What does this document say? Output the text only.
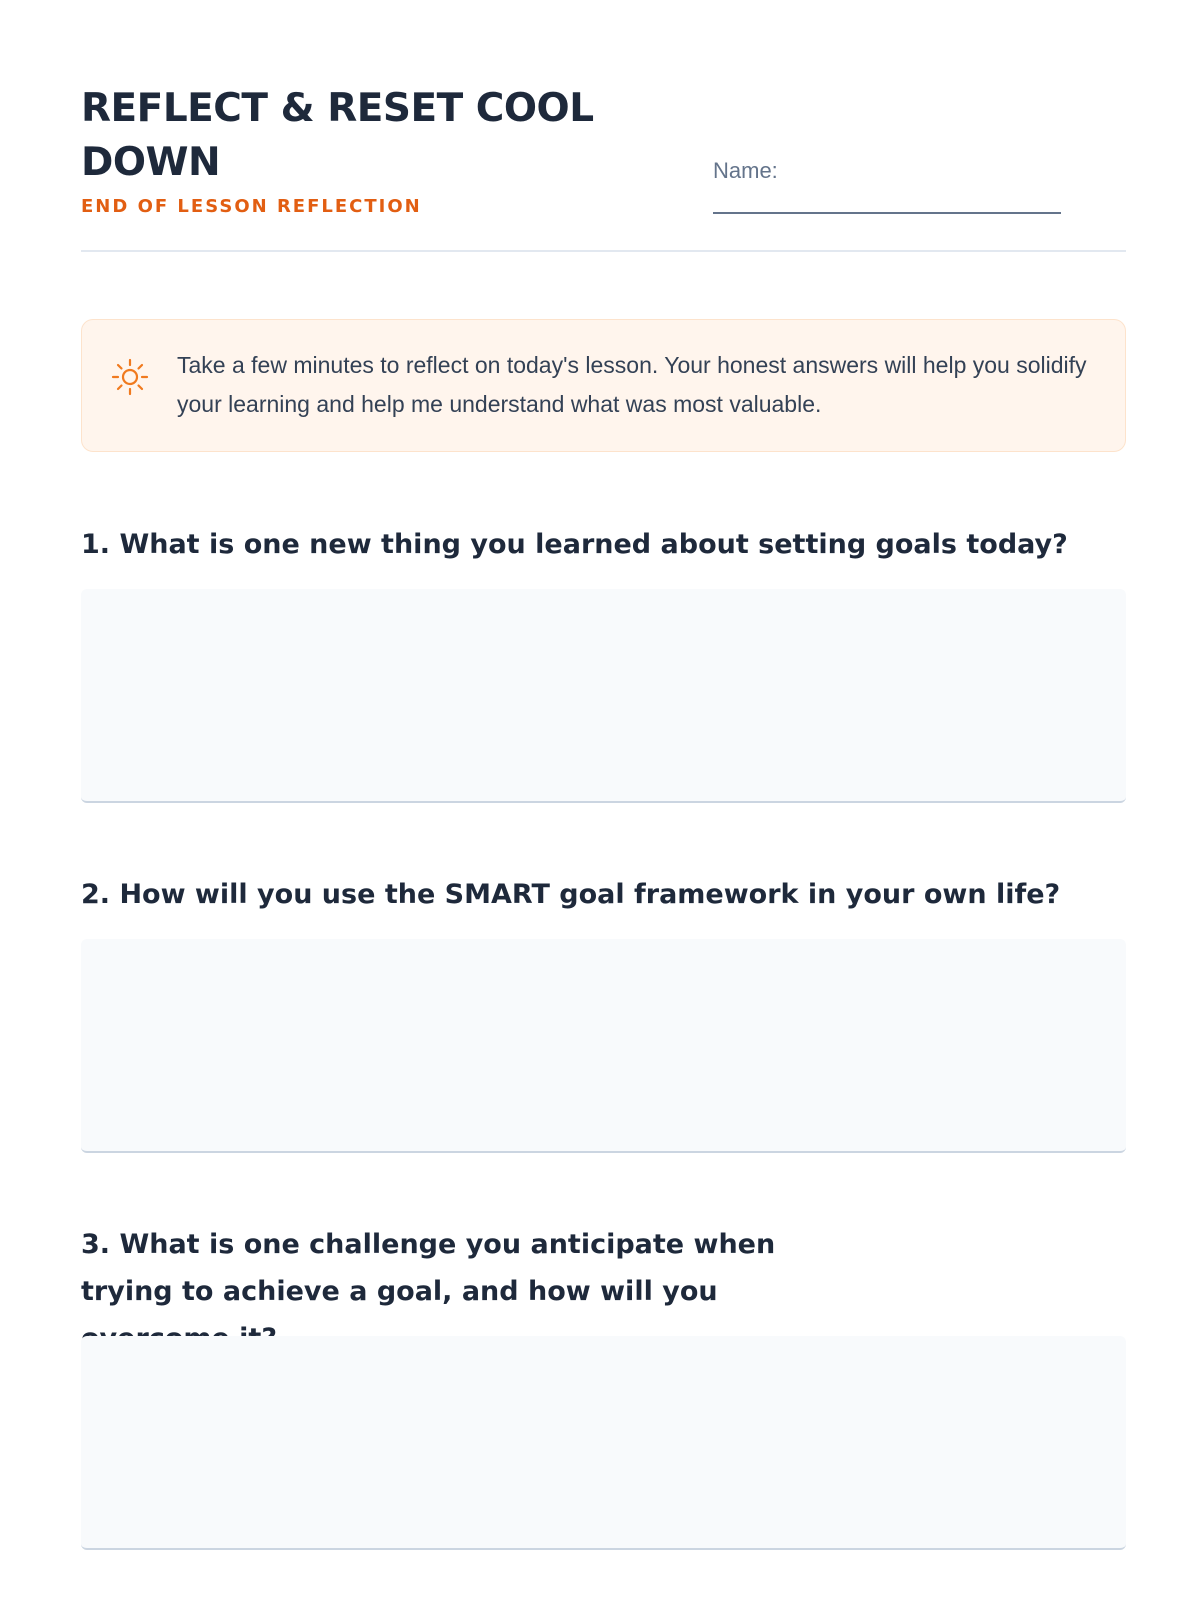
REFLECT & RESET COOL DOWN
END OF LESSON REFLECTION
Name:
Take a few minutes to reflect on today's lesson. Your honest answers will help you solidify your learning and help me understand what was most valuable.
1. What is one new thing you learned about setting goals today?
2. How will you use the SMART goal framework in your own life?
3. What is one challenge you anticipate when trying to achieve a goal, and how will you
